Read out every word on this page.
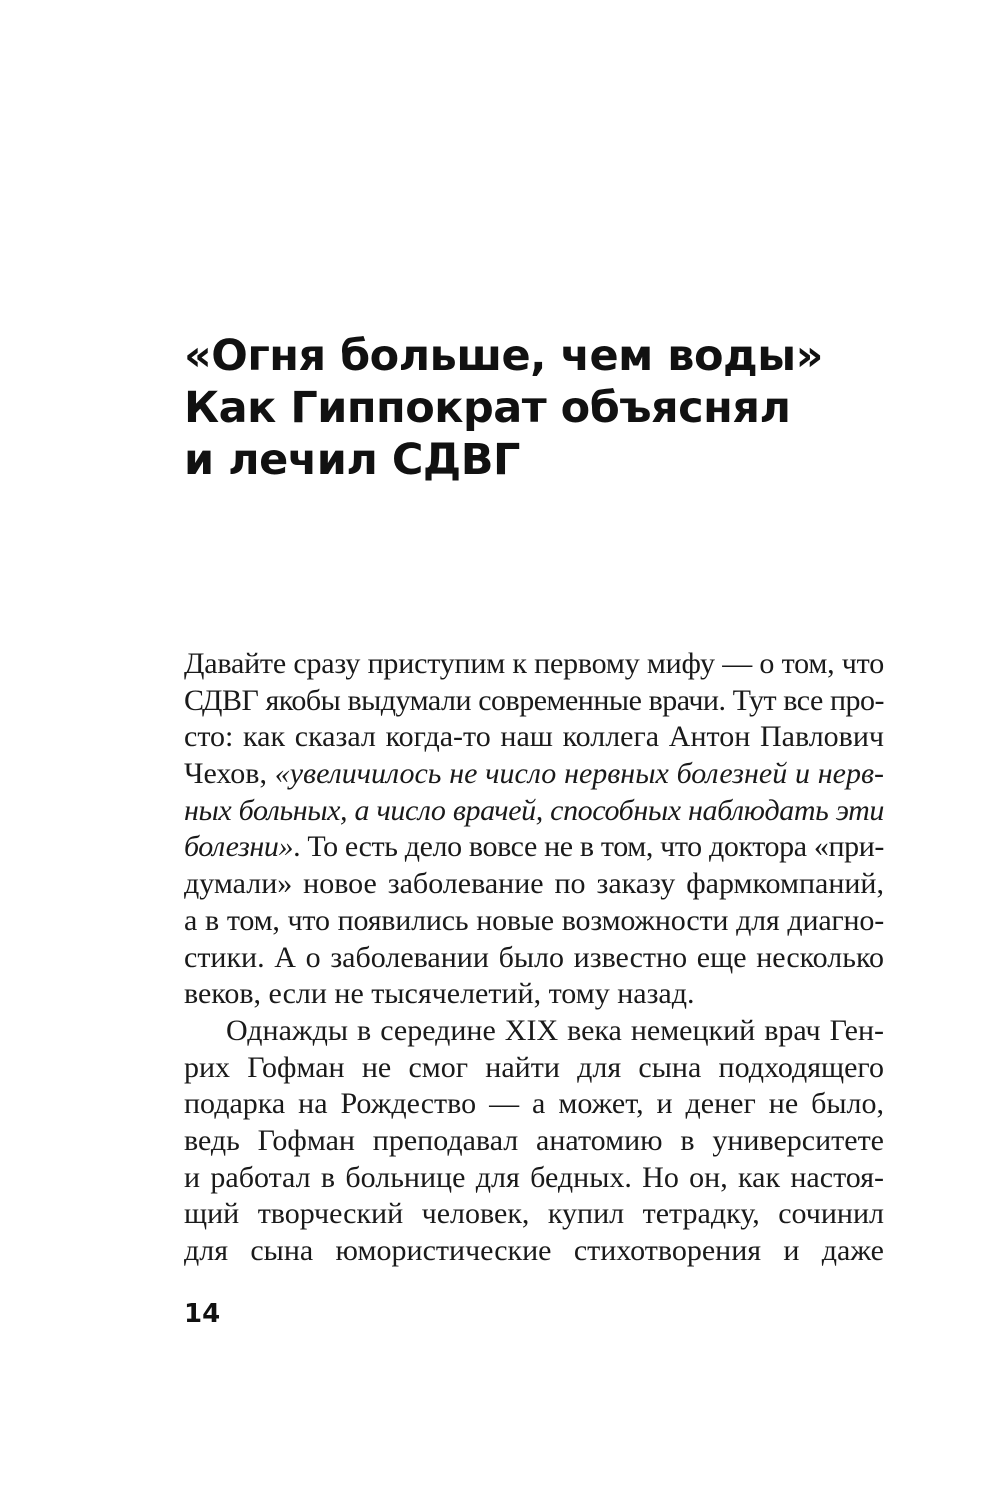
«Огня больше, чем воды»
Как Гиппократ объяснял
и лечил СДВГ
Давайте сразу приступим к первому мифу — о том, что
СДВГ якобы выдумали современные врачи. Тут все про-
сто: как сказал когда-то наш коллега Антон Павлович
Чехов, «увеличилось не число нервных болезней и нерв-
ных больных, а число врачей, способных наблюдать эти
болезни». То есть дело вовсе не в том, что доктора «при-
думали» новое заболевание по заказу фармкомпаний,
а в том, что появились новые возможности для диагно-
стики. А о заболевании было известно еще несколько
веков, если не тысячелетий, тому назад.
Однажды в середине XIX века немецкий врач Ген-
рих Гофман не смог найти для сына подходящего
подарка на Рождество — а может, и денег не было,
ведь Гофман преподавал анатомию в университете
и работал в больнице для бедных. Но он, как настоя-
щий творческий человек, купил тетрадку, сочинил
для сына юмористические стихотворения и даже
14
